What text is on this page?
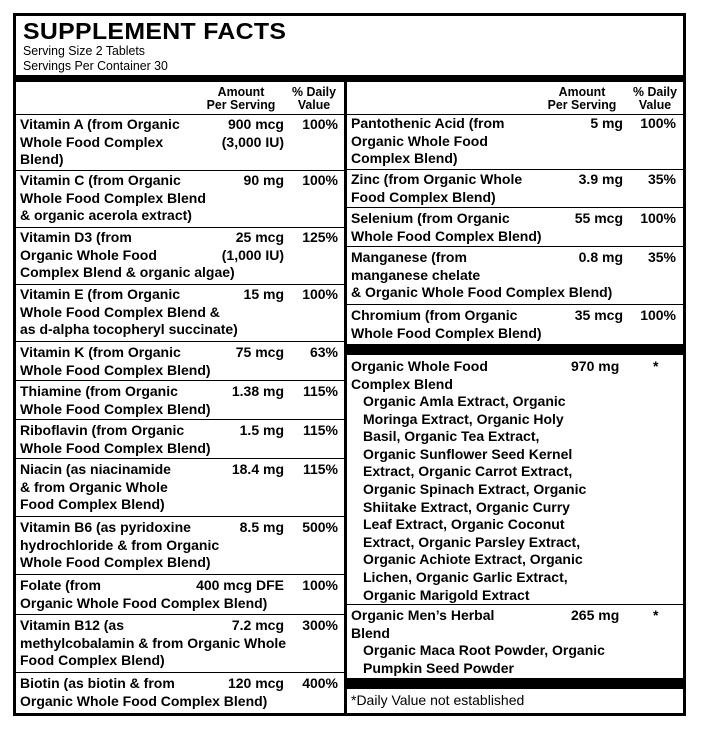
SUPPLEMENT FACTS
Serving Size 2 Tablets
Servings Per Container 30
Amount
Per Serving
% Daily
Value
Vitamin A (from Organic
Whole Food Complex
Blend)
900 mcg
(3,000 IU)
100%
Vitamin C (from Organic
Whole Food Complex Blend
& organic acerola extract)
90 mg 100%
Vitamin D3 (from
Organic Whole Food
Complex Blend & organic algae)
25 mcg
(1,000 IU)
125%
Vitamin E (from Organic
Whole Food Complex Blend &
as d-alpha tocopheryl succinate)
15 mg 100%
Vitamin K (from Organic
Whole Food Complex Blend)
75 mcg 63%
Thiamine (from Organic
Whole Food Complex Blend)
1.38 mg 115%
Riboflavin (from Organic
Whole Food Complex Blend)
1.5 mg 115%
Niacin (as niacinamide
& from Organic Whole
Food Complex Blend)
18.4 mg 115%
Vitamin B6 (as pyridoxine
hydrochloride & from Organic
Whole Food Complex Blend)
8.5 mg 500%
Folate (from
Organic Whole Food Complex Blend)
400 mcg DFE 100%
Vitamin B12 (as
methylcobalamin & from Organic Whole
Food Complex Blend)
7.2 mcg 300%
Biotin (as biotin & from
Organic Whole Food Complex Blend)
120 mcg 400%
Amount
Per Serving
% Daily
Value
Pantothenic Acid (from
Organic Whole Food
Complex Blend)
5 mg 100%
Zinc (from Organic Whole
Food Complex Blend)
3.9 mg 35%
Selenium (from Organic
Whole Food Complex Blend)
55 mcg 100%
Manganese (from
manganese chelate
& Organic Whole Food Complex Blend)
0.8 mg 35%
Chromium (from Organic
Whole Food Complex Blend)
35 mcg 100%
Organic Whole Food
Complex Blend
970 mg *
Organic Amla Extract, Organic
Moringa Extract, Organic Holy
Basil, Organic Tea Extract,
Organic Sunflower Seed Kernel
Extract, Organic Carrot Extract,
Organic Spinach Extract, Organic
Shiitake Extract, Organic Curry
Leaf Extract, Organic Coconut
Extract, Organic Parsley Extract,
Organic Achiote Extract, Organic
Lichen, Organic Garlic Extract,
Organic Marigold Extract
Organic Men’s Herbal
Blend
265 mg *
Organic Maca Root Powder, Organic
Pumpkin Seed Powder
*Daily Value not established
